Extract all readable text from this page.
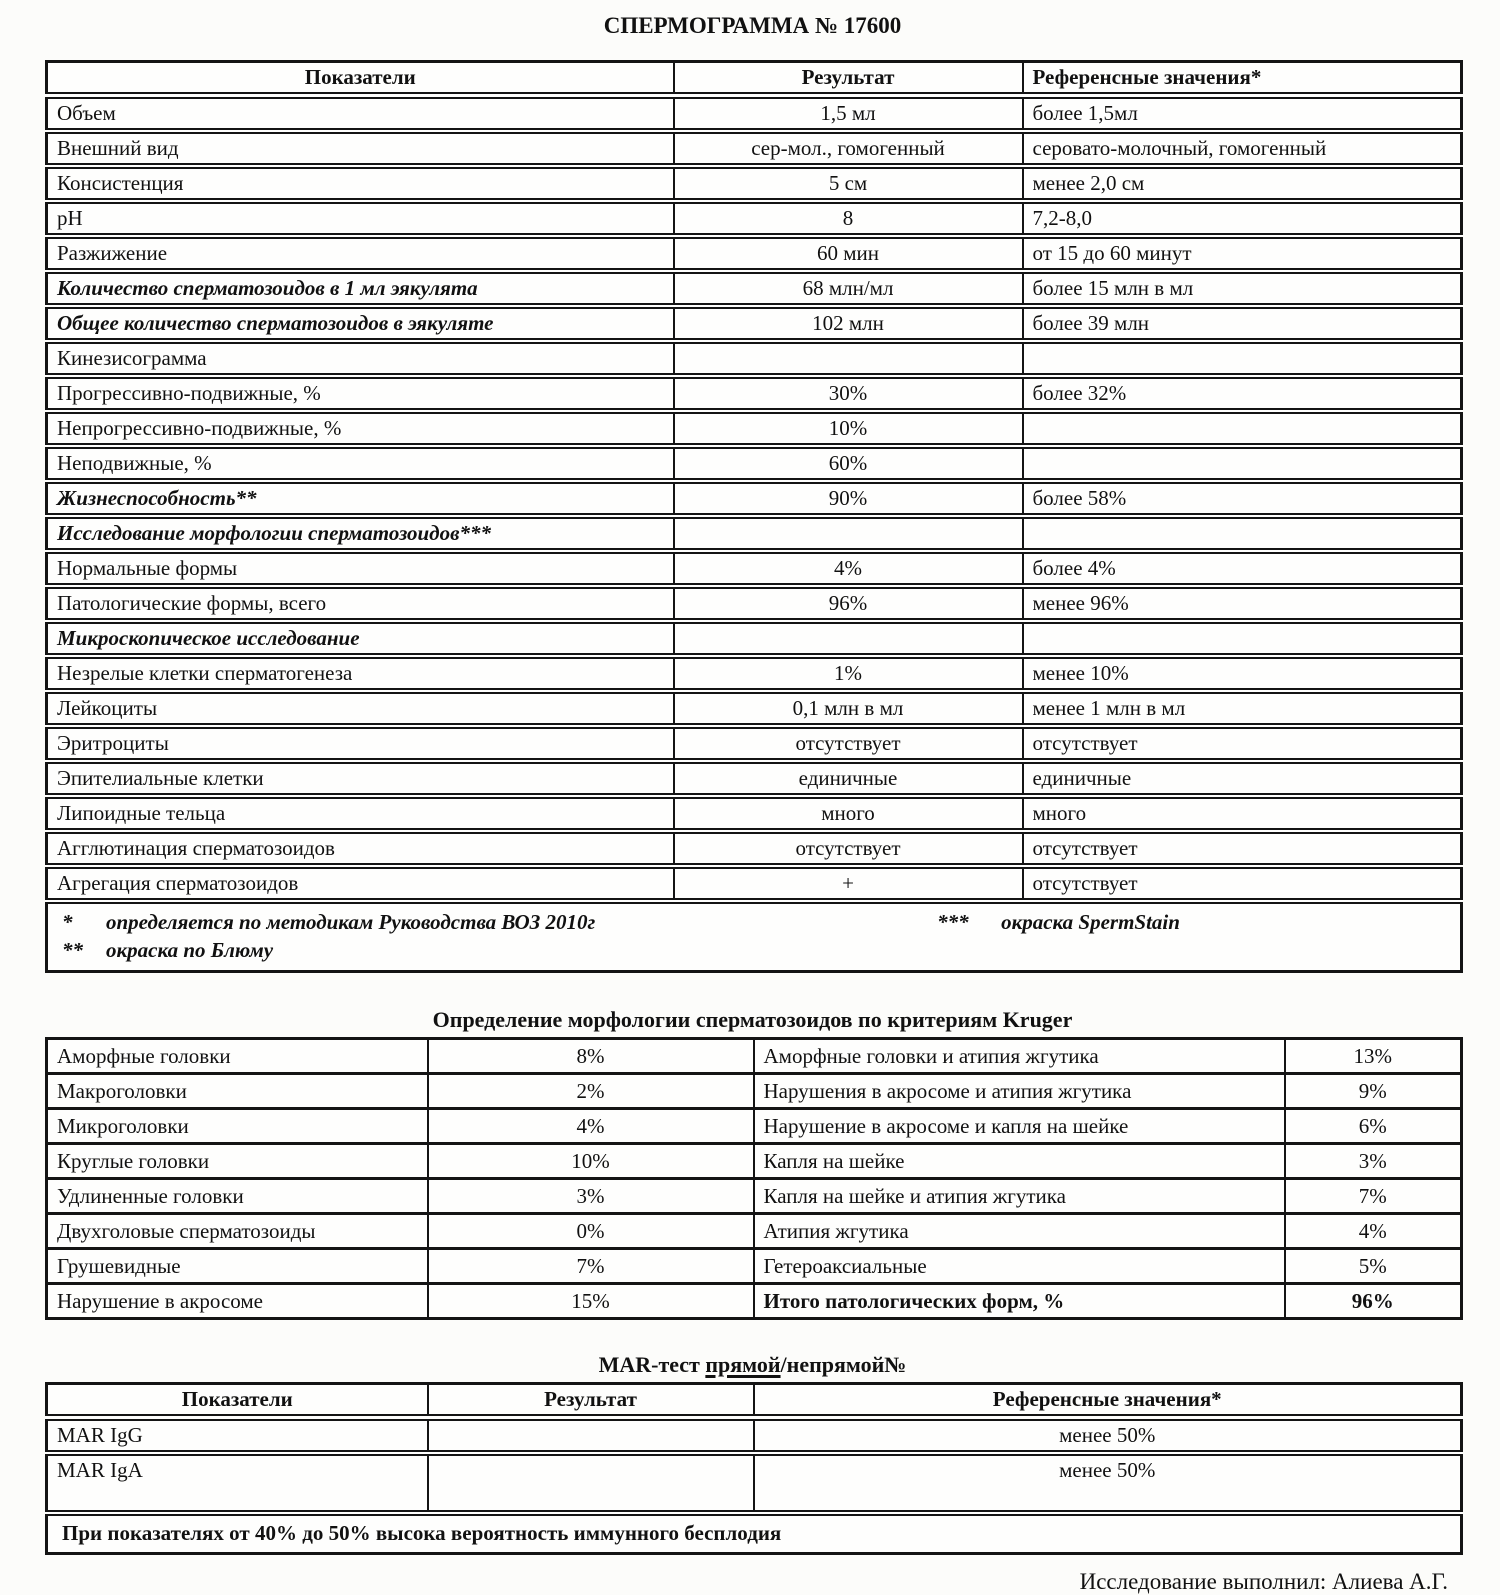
СПЕРМОГРАММА № 17600
Показатели	Результат	Референсные значения*
Объем	1,5 мл	более 1,5мл
Внешний вид	сер-мол., гомогенный	серовато-молочный, гомогенный
Консистенция	5 см	менее 2,0 см
pH	8	7,2-8,0
Разжижение	60 мин	от 15 до 60 минут
Количество сперматозоидов в 1 мл эякулята	68 млн/мл	более 15 млн в мл
Общее количество сперматозоидов в эякуляте	102 млн	более 39 млн
Кинезисограмма		
Прогрессивно-подвижные, %	30%	более 32%
Непрогрессивно-подвижные, %	10%	
Неподвижные, %	60%	
Жизнеспособность**	90%	более 58%
Исследование морфологии сперматозоидов***		
Нормальные формы	4%	более 4%
Патологические формы, всего	96%	менее 96%
Микроскопическое исследование		
Незрелые клетки сперматогенеза	1%	менее 10%
Лейкоциты	0,1 млн в мл	менее 1 млн в мл
Эритроциты	отсутствует	отсутствует
Эпителиальные клетки	единичные	единичные
Липоидные тельца	много	много
Агглютинация сперматозоидов	отсутствует	отсутствует
Агрегация сперматозоидов	+	отсутствует

*	определяется по методикам Руководства ВОЗ 2010г	***	окраска SpermStain
**	окраска по Блюму
Определение морфологии сперматозоидов по критериям Kruger
Аморфные головки	8%	Аморфные головки и атипия жгутика	13%
Макроголовки	2%	Нарушения в акросоме и атипия жгутика	9%
Микроголовки	4%	Нарушение в акросоме и капля на шейке	6%
Круглые головки	10%	Капля на шейке	3%
Удлиненные головки	3%	Капля на шейке и атипия жгутика	7%
Двухголовые сперматозоиды	0%	Атипия жгутика	4%
Грушевидные	7%	Гетероаксиальные	5%
Нарушение в акросоме	15%	Итого патологических форм, %	96%
MAR-тест прямой/непрямой№
Показатели	Результат	Референсные значения*
MAR IgG		менее 50%
MAR IgA		менее 50%
При показателях от 40% до 50% высока вероятность иммунного бесплодия		
Исследование выполнил: Алиева А.Г.
